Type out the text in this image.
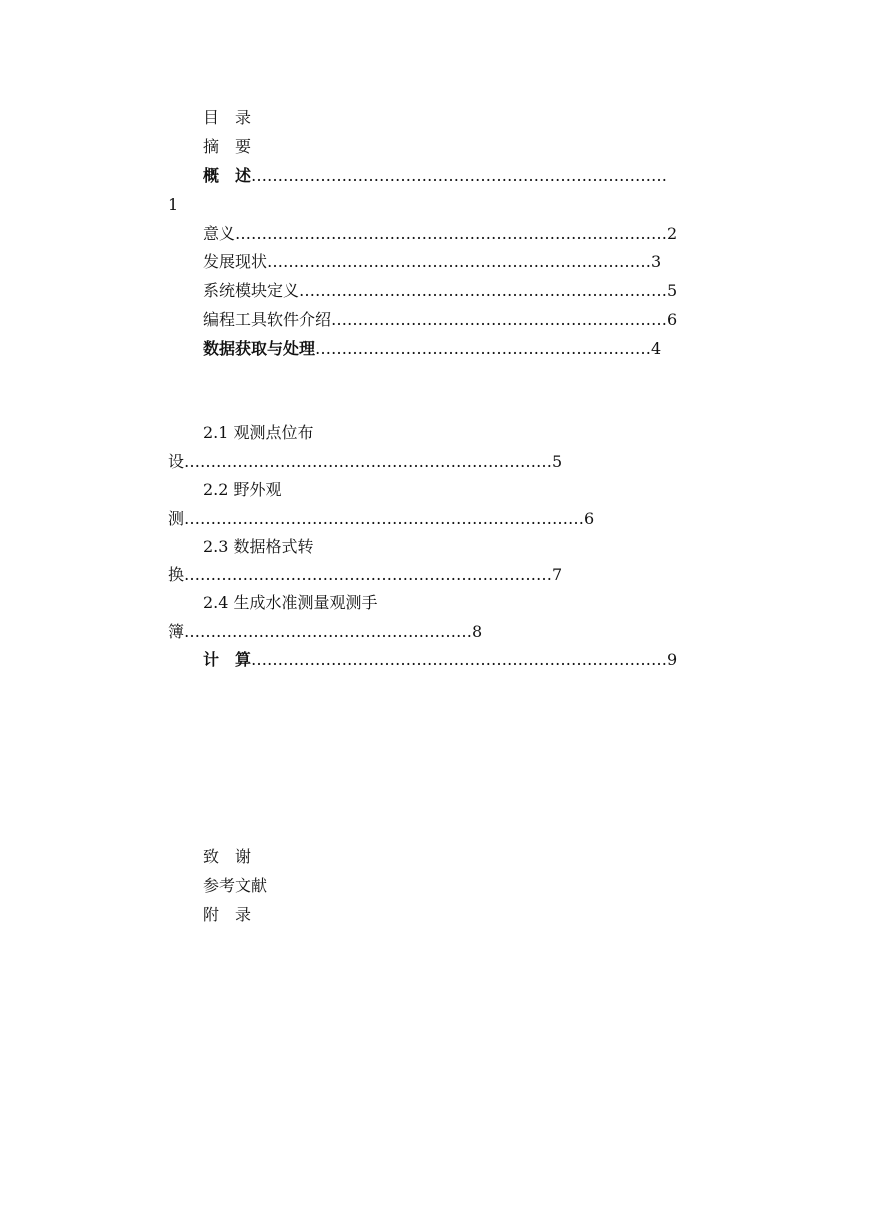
目　录
摘　要
概　述……………………………………………………………………
1
意义………………………………………………………………………2
发展现状………………………………………………………………3
系统模块定义……………………………………………………………5
编程工具软件介绍………………………………………………………6
数据获取与处理………………………………………………………4
2.1 观测点位布
设……………………………………………………………5
2.2 野外观
测…………………………………………………………………6
2.3 数据格式转
换……………………………………………………………7
2.4 生成水准测量观测手
簿………………………………………………8
计　算……………………………………………………………………9
致　谢
参考文献
附　录
